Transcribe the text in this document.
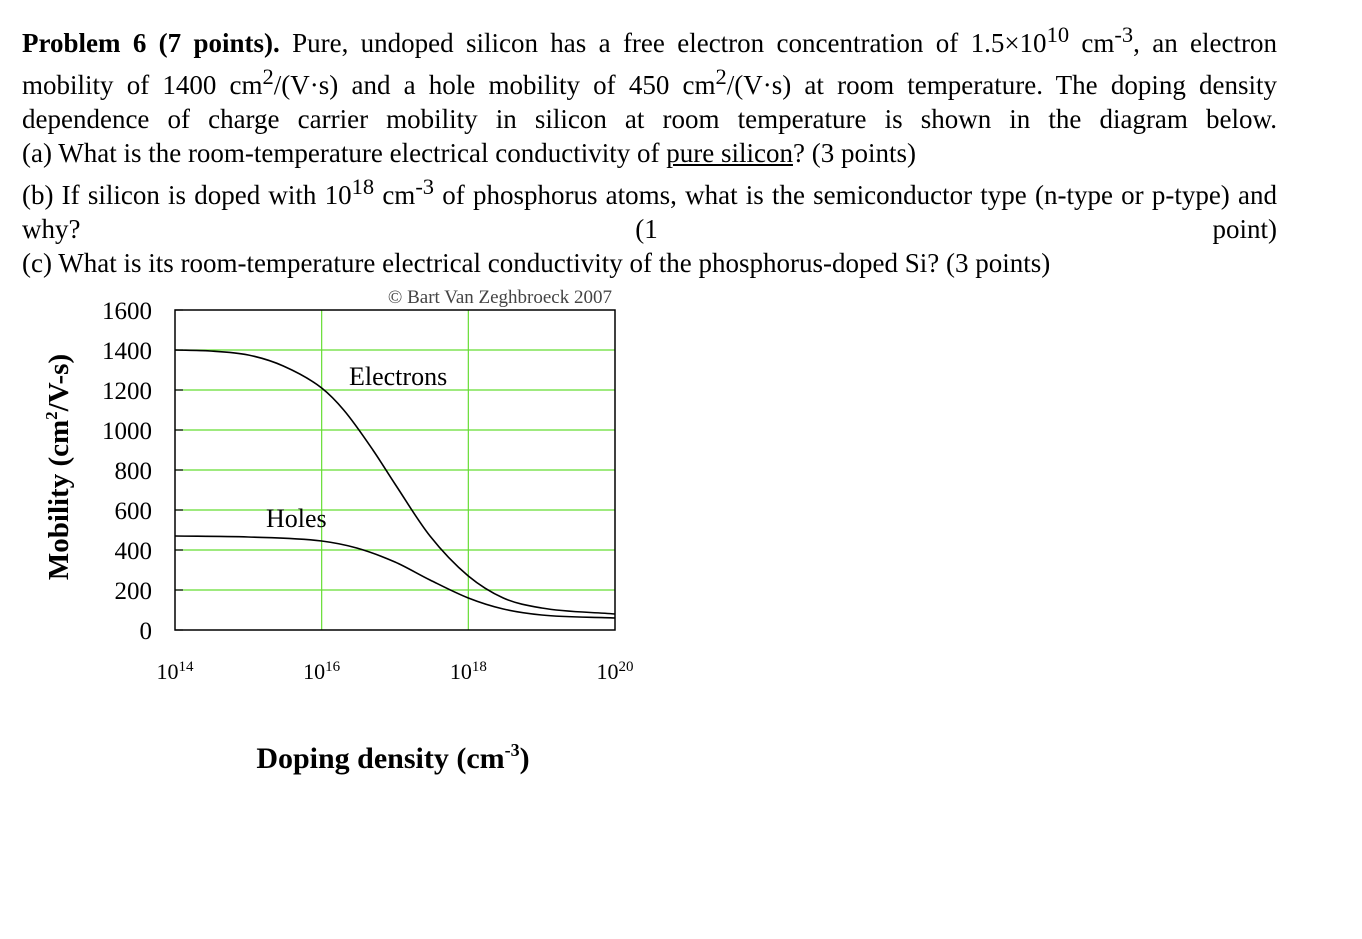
Problem 6 (7 points). Pure, undoped silicon has a free electron concentration of $1.5\times 10^{10}$ $cm^{-3}$, an electron mobility of 1400 $cm^2/(V\cdot s)$ and a hole mobility of 450 $cm^2/(V\cdot s)$ at room temperature. The doping density dependence of charge carrier mobility in silicon at room temperature is shown in the diagram below.

(a) What is the room-temperature electrical conductivity of pure silicon? (3 points)

(b) If silicon is doped with $10^{18}$ $cm^{-3}$ of phosphorus atoms, what is the semiconductor type (n-type or p-type) and why? (1 point)

(c) What is its room-temperature electrical conductivity of the phosphorus-doped Si? (3 points)

0
200
400
600
800
1000
1200
1400
1600
$10^{14}$	$10^{16}$	$10^{18}$	$10^{20}$
Electrons
Holes
© Bart Van Zeghbroeck 2007
Doping density $(cm^{-3})$
Mobility $(cm^2/V-s)$
